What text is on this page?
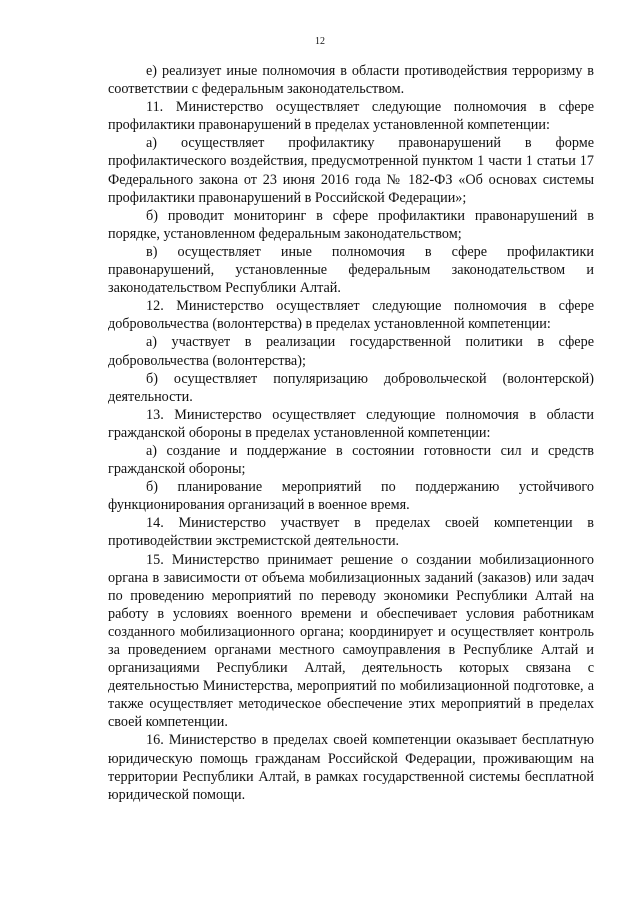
12

е) реализует иные полномочия в области противодействия терроризму в соответствии с федеральным законодательством.

11. Министерство осуществляет следующие полномочия в сфере профилактики правонарушений в пределах установленной компетенции:

а) осуществляет профилактику правонарушений в форме профилактического воздействия, предусмотренной пунктом 1 части 1 статьи 17 Федерального закона от 23 июня 2016 года № 182-ФЗ «Об основах системы профилактики правонарушений в Российской Федерации»;

б) проводит мониторинг в сфере профилактики правонарушений в порядке, установленном федеральным законодательством;

в) осуществляет иные полномочия в сфере профилактики правонарушений, установленные федеральным законодательством и законодательством Республики Алтай.

12. Министерство осуществляет следующие полномочия в сфере добровольчества (волонтерства) в пределах установленной компетенции:

а) участвует в реализации государственной политики в сфере добровольчества (волонтерства);

б) осуществляет популяризацию добровольческой (волонтерской) деятельности.

13. Министерство осуществляет следующие полномочия в области гражданской обороны в пределах установленной компетенции:

а) создание и поддержание в состоянии готовности сил и средств гражданской обороны;

б) планирование мероприятий по поддержанию устойчивого функционирования организаций в военное время.

14. Министерство участвует в пределах своей компетенции в противодействии экстремистской деятельности.

15. Министерство принимает решение о создании мобилизационного органа в зависимости от объема мобилизационных заданий (заказов) или задач по проведению мероприятий по переводу экономики Республики Алтай на работу в условиях военного времени и обеспечивает условия работникам созданного мобилизационного органа; координирует и осуществляет контроль за проведением органами местного самоуправления в Республике Алтай и организациями Республики Алтай, деятельность которых связана с деятельностью Министерства, мероприятий по мобилизационной подготовке, а также осуществляет методическое обеспечение этих мероприятий в пределах своей компетенции.

16. Министерство в пределах своей компетенции оказывает бесплатную юридическую помощь гражданам Российской Федерации, проживающим на территории Республики Алтай, в рамках государственной системы бесплатной юридической помощи.
